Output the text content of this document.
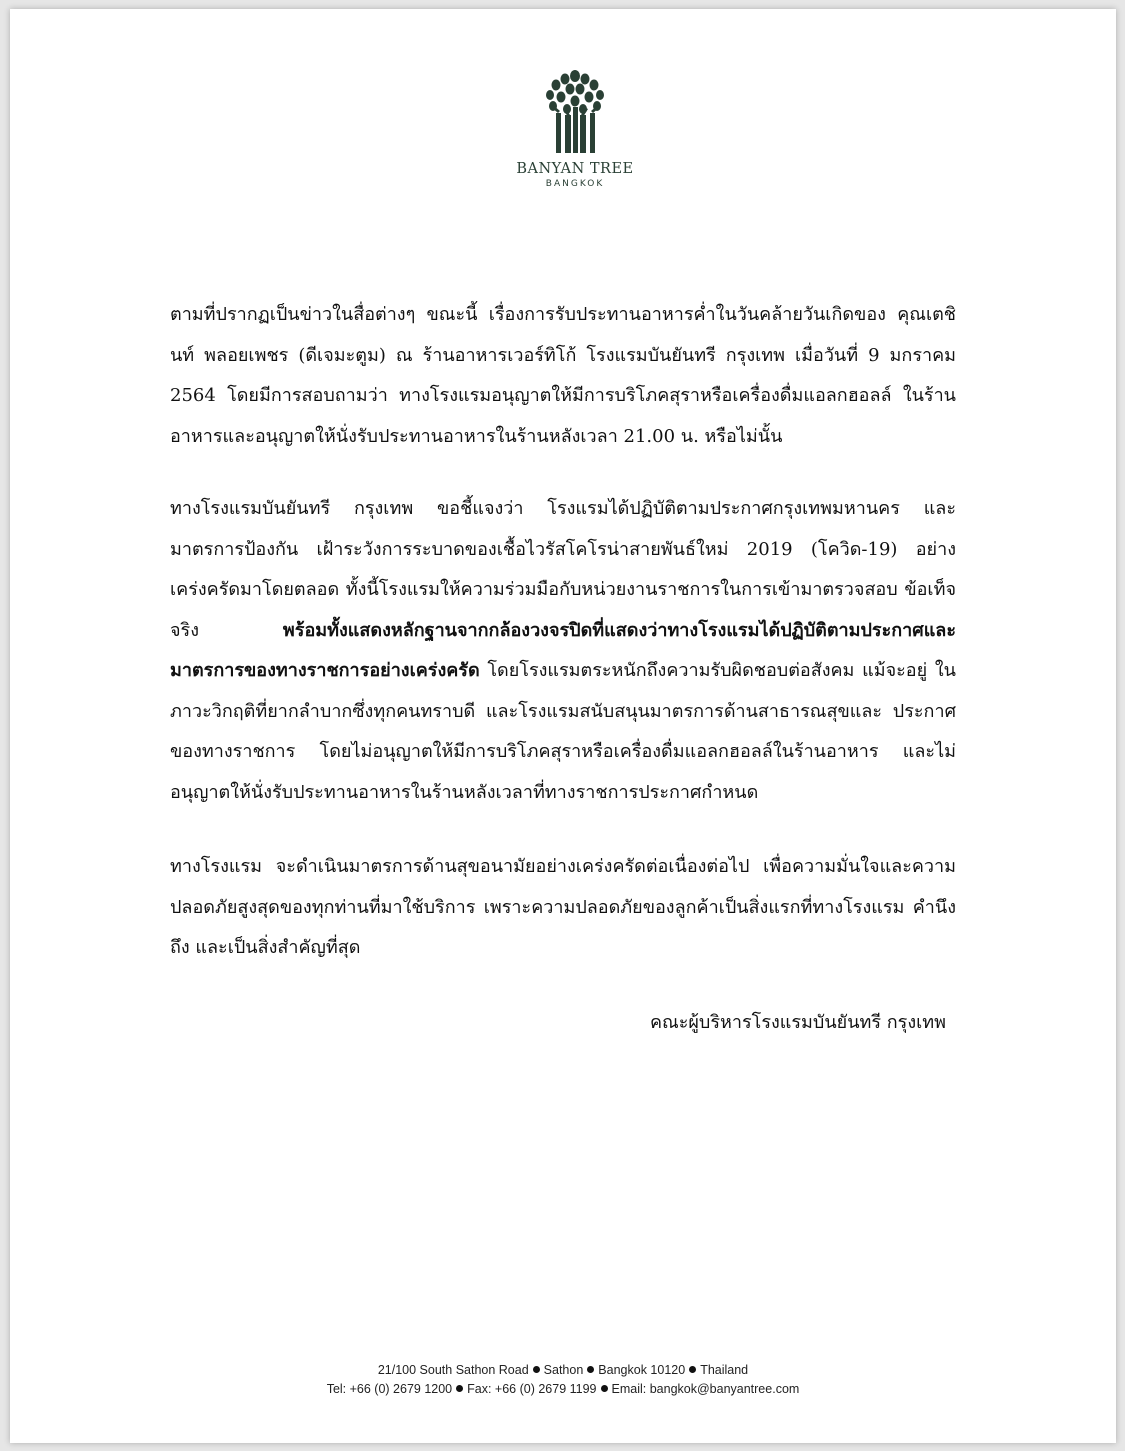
BANYAN TREE
BANGKOK

ตามที่ปรากฏเป็นข่าวในสื่อต่างๆ ขณะนี้ เรื่องการรับประทานอาหารค่ำในวันคล้ายวันเกิดของ คุณเตชินท์ พลอยเพชร (ดีเจมะตูม) ณ ร้านอาหารเวอร์ทิโก้ โรงแรมบันยันทรี กรุงเทพ เมื่อวันที่ 9 มกราคม 2564 โดยมีการสอบถามว่า ทางโรงแรมอนุญาตให้มีการบริโภคสุราหรือเครื่องดื่มแอลกฮอลล์ ในร้านอาหารและอนุญาตให้นั่งรับประทานอาหารในร้านหลังเวลา 21.00 น. หรือไม่นั้น

ทางโรงแรมบันยันทรี กรุงเทพ ขอชี้แจงว่า โรงแรมได้ปฏิบัติตามประกาศกรุงเทพมหานคร และ มาตรการป้องกัน เฝ้าระวังการระบาดของเชื้อไวรัสโคโรน่าสายพันธ์ใหม่ 2019 (โควิด-19) อย่าง เคร่งครัดมาโดยตลอด ทั้งนี้โรงแรมให้ความร่วมมือกับหน่วยงานราชการในการเข้ามาตรวจสอบ ข้อเท็จจริง พร้อมทั้งแสดงหลักฐานจากกล้องวงจรปิดที่แสดงว่าทางโรงแรมได้ปฏิบัติตามประกาศและ มาตรการของทางราชการอย่างเคร่งครัด โดยโรงแรมตระหนักถึงความรับผิดชอบต่อสังคม แม้จะอยู่ ในภาวะวิกฤติที่ยากลำบากซึ่งทุกคนทราบดี และโรงแรมสนับสนุนมาตรการด้านสาธารณสุขและ ประกาศของทางราชการ โดยไม่อนุญาตให้มีการบริโภคสุราหรือเครื่องดื่มแอลกฮอลล์ในร้านอาหาร และไม่อนุญาตให้นั่งรับประทานอาหารในร้านหลังเวลาที่ทางราชการประกาศกำหนด

ทางโรงแรม จะดำเนินมาตรการด้านสุขอนามัยอย่างเคร่งครัดต่อเนื่องต่อไป เพื่อความมั่นใจและความ ปลอดภัยสูงสุดของทุกท่านที่มาใช้บริการ เพราะความปลอดภัยของลูกค้าเป็นสิ่งแรกที่ทางโรงแรม คำนึงถึง และเป็นสิ่งสำคัญที่สุด

คณะผู้บริหารโรงแรมบันยันทรี กรุงเทพ
21/100 South Sathon Road Sathon Bangkok 10120 Thailand
Tel: +66 (0) 2679 1200 Fax: +66 (0) 2679 1199 Email: bangkok@banyantree.com
